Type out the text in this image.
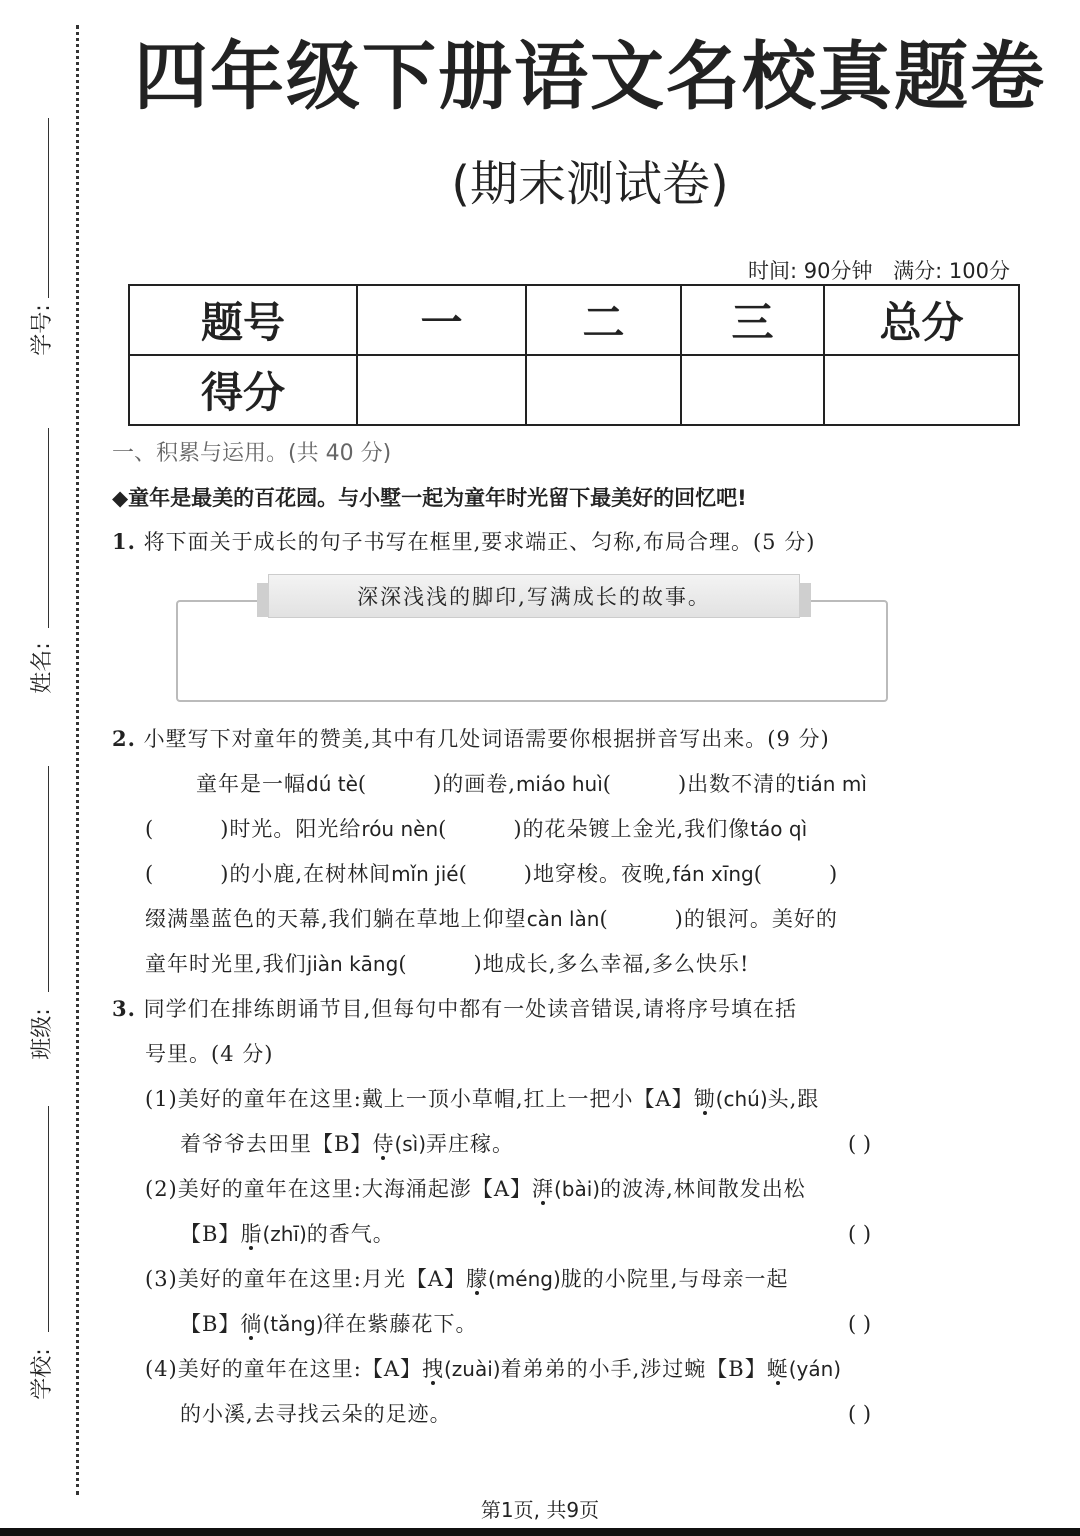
学号:
姓名:
班级:
学校:
四年级下册语文名校真题卷
(期末测试卷)
时间: 90分钟 满分: 100分
题号	一	二	三	总分
得分				
一、积累与运用。(共 40 分)
◆童年是最美的百花园。与小墅一起为童年时光留下最美好的回忆吧!
1. 将下面关于成长的句子书写在框里,要求端正、匀称,布局合理。(5 分)
深深浅浅的脚印,写满成长的故事。
2. 小墅写下对童年的赞美,其中有几处词语需要你根据拼音写出来。(9 分)
童年是一幅dú tè(	)的画卷,miáo huì(	)出数不清的tián mì
(	)时光。阳光给róu nèn(	)的花朵镀上金光,我们像táo qì
(	)的小鹿,在树林间mǐn jié(	)地穿梭。夜晚,fán xīng(	)
缀满墨蓝色的天幕,我们躺在草地上仰望càn làn(	)的银河。美好的
童年时光里,我们jiàn kāng(	)地成长,多么幸福,多么快乐!
3. 同学们在排练朗诵节目,但每句中都有一处读音错误,请将序号填在括
号里。(4 分)
(1)美好的童年在这里:戴上一顶小草帽,扛上一把小【A】锄(chú)头,跟
着爷爷去田里【B】侍(sì)弄庄稼。	( )
(2)美好的童年在这里:大海涌起澎【A】湃(bài)的波涛,林间散发出松
【B】脂(zhī)的香气。	( )
(3)美好的童年在这里:月光【A】朦(méng)胧的小院里,与母亲一起
【B】徜(tǎng)徉在紫藤花下。	( )
(4)美好的童年在这里:【A】拽(zuài)着弟弟的小手,涉过蜿【B】蜒(yán)
的小溪,去寻找云朵的足迹。	( )
第1页, 共9页
